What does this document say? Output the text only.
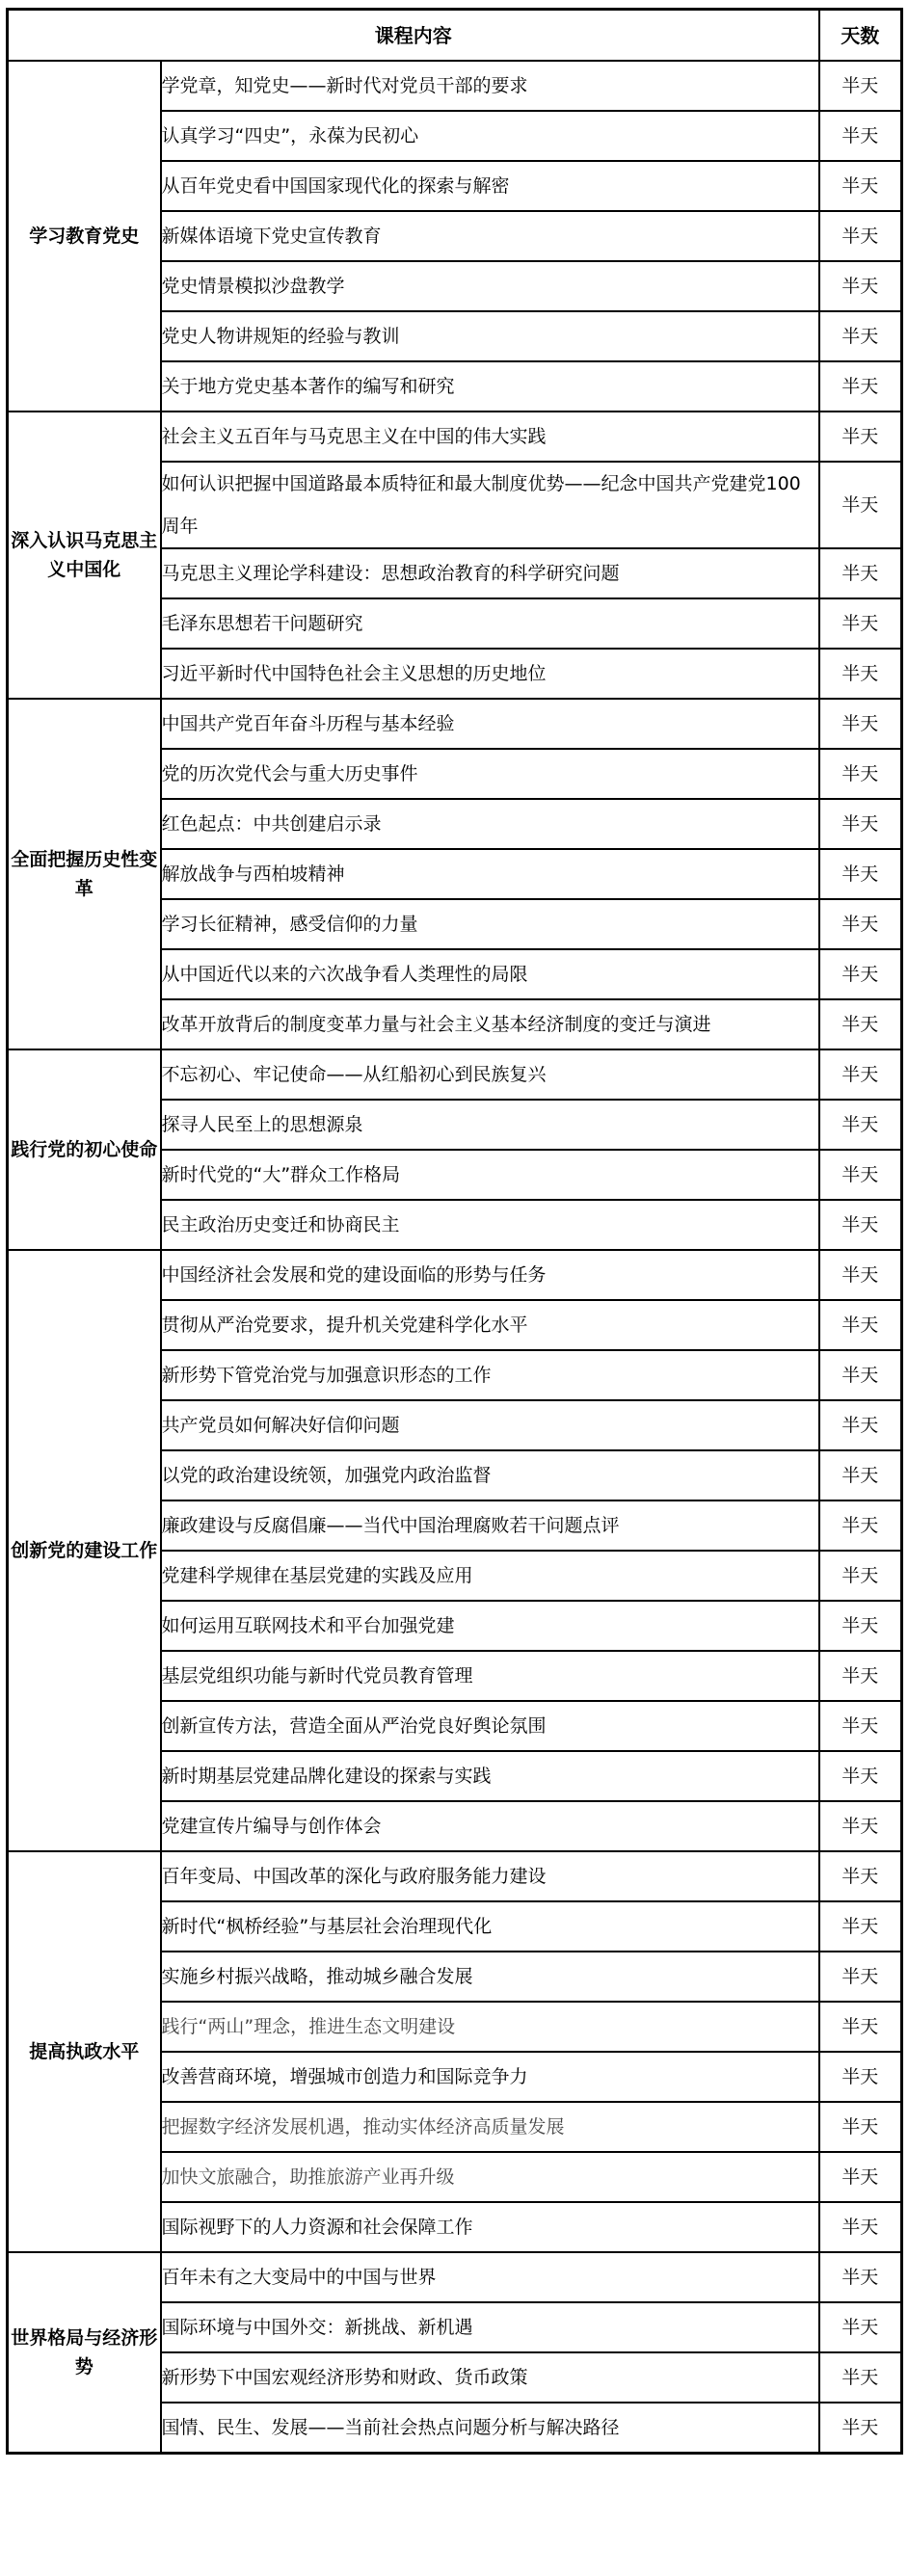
课程内容		天数
学习教育党史	学党章，知党史——新时代对党员干部的要求	半天
	认真学习“四史”，永葆为民初心	半天
	从百年党史看中国国家现代化的探索与解密	半天
	新媒体语境下党史宣传教育	半天
	党史情景模拟沙盘教学	半天
	党史人物讲规矩的经验与教训	半天
	关于地方党史基本著作的编写和研究	半天
深入认识马克思主义中国化	社会主义五百年与马克思主义在中国的伟大实践	半天
	如何认识把握中国道路最本质特征和最大制度优势——纪念中国共产党建党100周年	半天
	马克思主义理论学科建设：思想政治教育的科学研究问题	半天
	毛泽东思想若干问题研究	半天
	习近平新时代中国特色社会主义思想的历史地位	半天
全面把握历史性变革	中国共产党百年奋斗历程与基本经验	半天
	党的历次党代会与重大历史事件	半天
	红色起点：中共创建启示录	半天
	解放战争与西柏坡精神	半天
	学习长征精神，感受信仰的力量	半天
	从中国近代以来的六次战争看人类理性的局限	半天
	改革开放背后的制度变革力量与社会主义基本经济制度的变迁与演进	半天
践行党的初心使命	不忘初心、牢记使命——从红船初心到民族复兴	半天
	探寻人民至上的思想源泉	半天
	新时代党的“大”群众工作格局	半天
	民主政治历史变迁和协商民主	半天
创新党的建设工作	中国经济社会发展和党的建设面临的形势与任务	半天
	贯彻从严治党要求，提升机关党建科学化水平	半天
	新形势下管党治党与加强意识形态的工作	半天
	共产党员如何解决好信仰问题	半天
	以党的政治建设统领，加强党内政治监督	半天
	廉政建设与反腐倡廉——当代中国治理腐败若干问题点评	半天
	党建科学规律在基层党建的实践及应用	半天
	如何运用互联网技术和平台加强党建	半天
	基层党组织功能与新时代党员教育管理	半天
	创新宣传方法，营造全面从严治党良好舆论氛围	半天
	新时期基层党建品牌化建设的探索与实践	半天
	党建宣传片编导与创作体会	半天
提高执政水平	百年变局、中国改革的深化与政府服务能力建设	半天
	新时代“枫桥经验”与基层社会治理现代化	半天
	实施乡村振兴战略，推动城乡融合发展	半天
	践行“两山”理念，推进生态文明建设	半天
	改善营商环境，增强城市创造力和国际竞争力	半天
	把握数字经济发展机遇，推动实体经济高质量发展	半天
	加快文旅融合，助推旅游产业再升级	半天
	国际视野下的人力资源和社会保障工作	半天
世界格局与经济形势	百年未有之大变局中的中国与世界	半天
	国际环境与中国外交：新挑战、新机遇	半天
	新形势下中国宏观经济形势和财政、货币政策	半天
	国情、民生、发展——当前社会热点问题分析与解决路径	半天
